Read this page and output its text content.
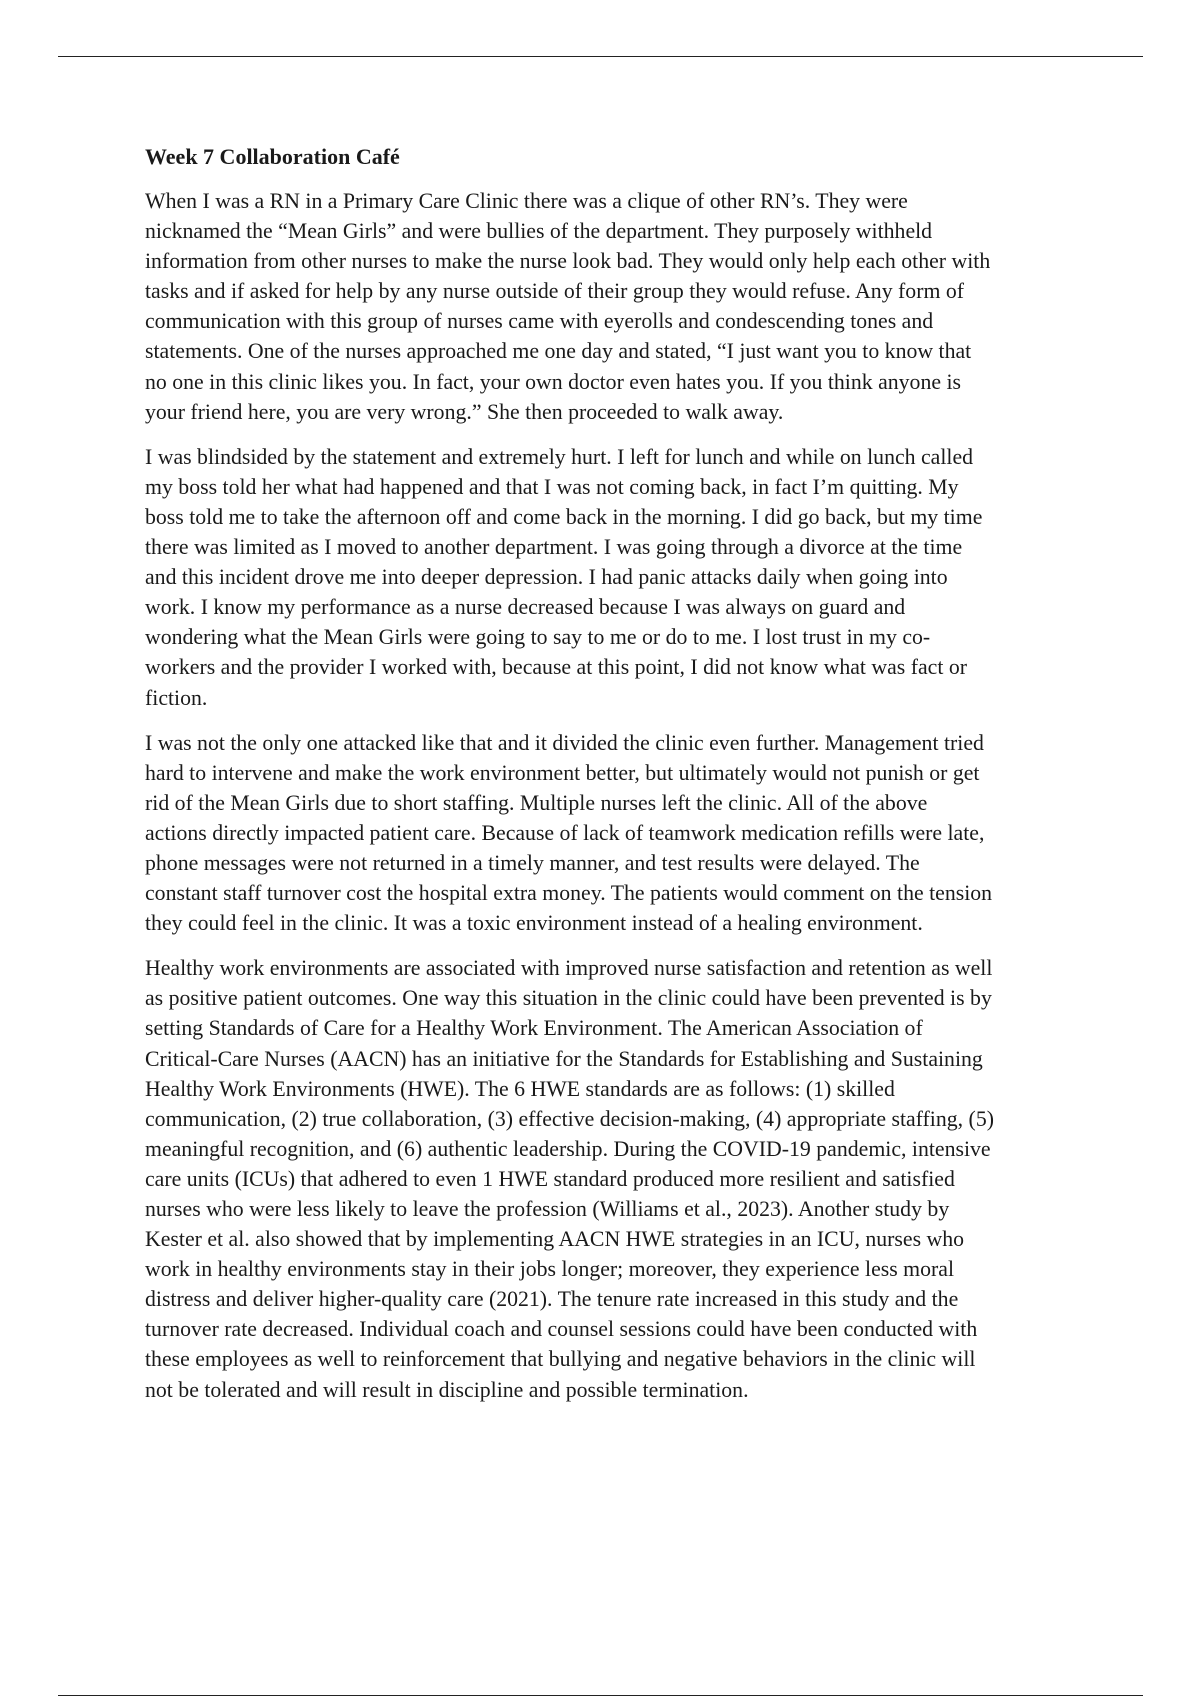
Week 7 Collaboration Café

When I was a RN in a Primary Care Clinic there was a clique of other RN’s. They were
nicknamed the “Mean Girls” and were bullies of the department. They purposely withheld
information from other nurses to make the nurse look bad. They would only help each other with
tasks and if asked for help by any nurse outside of their group they would refuse. Any form of
communication with this group of nurses came with eyerolls and condescending tones and
statements. One of the nurses approached me one day and stated, “I just want you to know that
no one in this clinic likes you. In fact, your own doctor even hates you. If you think anyone is
your friend here, you are very wrong.” She then proceeded to walk away.

I was blindsided by the statement and extremely hurt. I left for lunch and while on lunch called
my boss told her what had happened and that I was not coming back, in fact I’m quitting. My
boss told me to take the afternoon off and come back in the morning. I did go back, but my time
there was limited as I moved to another department. I was going through a divorce at the time
and this incident drove me into deeper depression. I had panic attacks daily when going into
work. I know my performance as a nurse decreased because I was always on guard and
wondering what the Mean Girls were going to say to me or do to me. I lost trust in my co-
workers and the provider I worked with, because at this point, I did not know what was fact or
fiction.

I was not the only one attacked like that and it divided the clinic even further. Management tried
hard to intervene and make the work environment better, but ultimately would not punish or get
rid of the Mean Girls due to short staffing. Multiple nurses left the clinic. All of the above
actions directly impacted patient care. Because of lack of teamwork medication refills were late,
phone messages were not returned in a timely manner, and test results were delayed. The
constant staff turnover cost the hospital extra money. The patients would comment on the tension
they could feel in the clinic. It was a toxic environment instead of a healing environment.

Healthy work environments are associated with improved nurse satisfaction and retention as well
as positive patient outcomes. One way this situation in the clinic could have been prevented is by
setting Standards of Care for a Healthy Work Environment. The American Association of
Critical-Care Nurses (AACN) has an initiative for the Standards for Establishing and Sustaining
Healthy Work Environments (HWE). The 6 HWE standards are as follows: (1) skilled
communication, (2) true collaboration, (3) effective decision-making, (4) appropriate staffing, (5)
meaningful recognition, and (6) authentic leadership. During the COVID-19 pandemic, intensive
care units (ICUs) that adhered to even 1 HWE standard produced more resilient and satisfied
nurses who were less likely to leave the profession (Williams et al., 2023). Another study by
Kester et al. also showed that by implementing AACN HWE strategies in an ICU, nurses who
work in healthy environments stay in their jobs longer; moreover, they experience less moral
distress and deliver higher-quality care (2021). The tenure rate increased in this study and the
turnover rate decreased. Individual coach and counsel sessions could have been conducted with
these employees as well to reinforcement that bullying and negative behaviors in the clinic will
not be tolerated and will result in discipline and possible termination.
